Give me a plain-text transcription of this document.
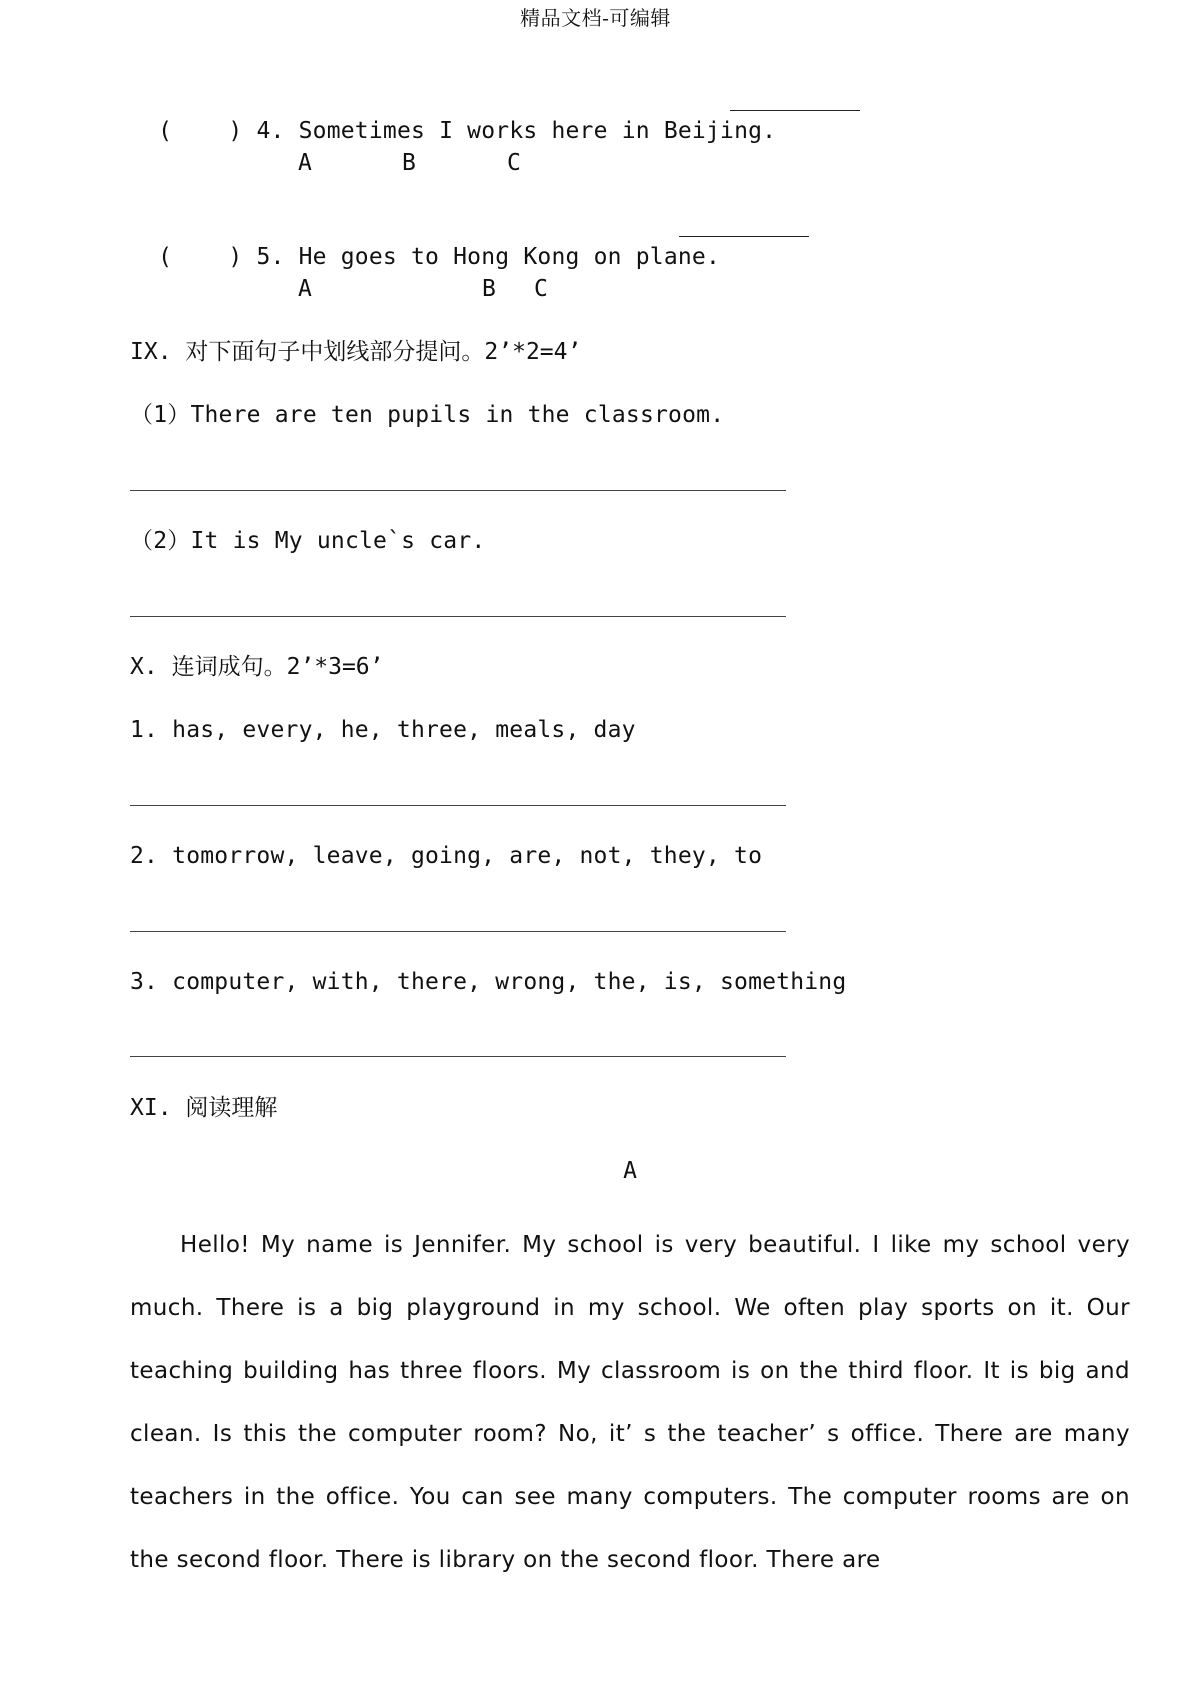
精品文档-可编辑

(    ) 4. Sometimes I works here in Beijing.

A	B	C

(    ) 5. He goes to Hong Kong on plane.

A	B C
IX. 对下面句子中划线部分提问。2’*2=4’
（1）There are ten pupils in the classroom.
（2）It is My uncle`s car.
X. 连词成句。2’*3=6’
1. has, every, he, three, meals, day
2. tomorrow, leave, going, are, not, they, to
3. computer, with, there, wrong, the, is, something
XI. 阅读理解
A
Hello! My name is Jennifer. My school is very beautiful. I like my school very much. There is a big playground in my school. We often play sports on it. Our teaching building has three floors. My classroom is on the third floor. It is big and clean. Is this the computer room? No, it’ s the teacher’ s office. There are many teachers in the office. You can see many computers. The computer rooms are on the second floor. There is library on the second floor. There are
